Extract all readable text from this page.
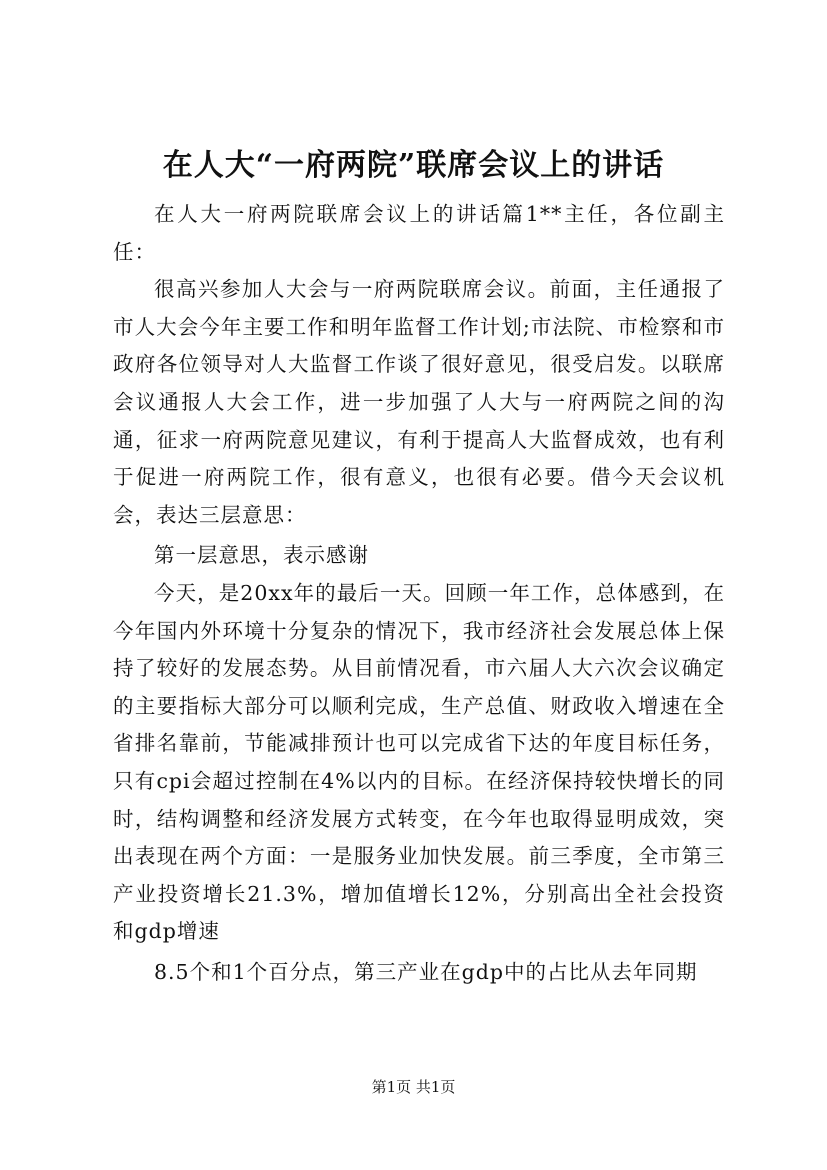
在人大“一府两院”联席会议上的讲话

在人大一府两院联席会议上的讲话篇1**主任，各位副主任：

很高兴参加人大会与一府两院联席会议。前面，主任通报了市人大会今年主要工作和明年监督工作计划;市法院、市检察和市政府各位领导对人大监督工作谈了很好意见，很受启发。以联席会议通报人大会工作，进一步加强了人大与一府两院之间的沟通，征求一府两院意见建议，有利于提高人大监督成效，也有利于促进一府两院工作，很有意义，也很有必要。借今天会议机会，表达三层意思：

第一层意思，表示感谢

今天，是20xx年的最后一天。回顾一年工作，总体感到，在今年国内外环境十分复杂的情况下，我市经济社会发展总体上保持了较好的发展态势。从目前情况看，市六届人大六次会议确定的主要指标大部分可以顺利完成，生产总值、财政收入增速在全省排名靠前，节能减排预计也可以完成省下达的年度目标任务，只有cpi会超过控制在4%以内的目标。在经济保持较快增长的同时，结构调整和经济发展方式转变，在今年也取得显明成效，突出表现在两个方面：一是服务业加快发展。前三季度，全市第三产业投资增长21.3%，增加值增长12%，分别高出全社会投资和gdp增速

8.5个和1个百分点，第三产业在gdp中的占比从去年同期

第1页 共1页
